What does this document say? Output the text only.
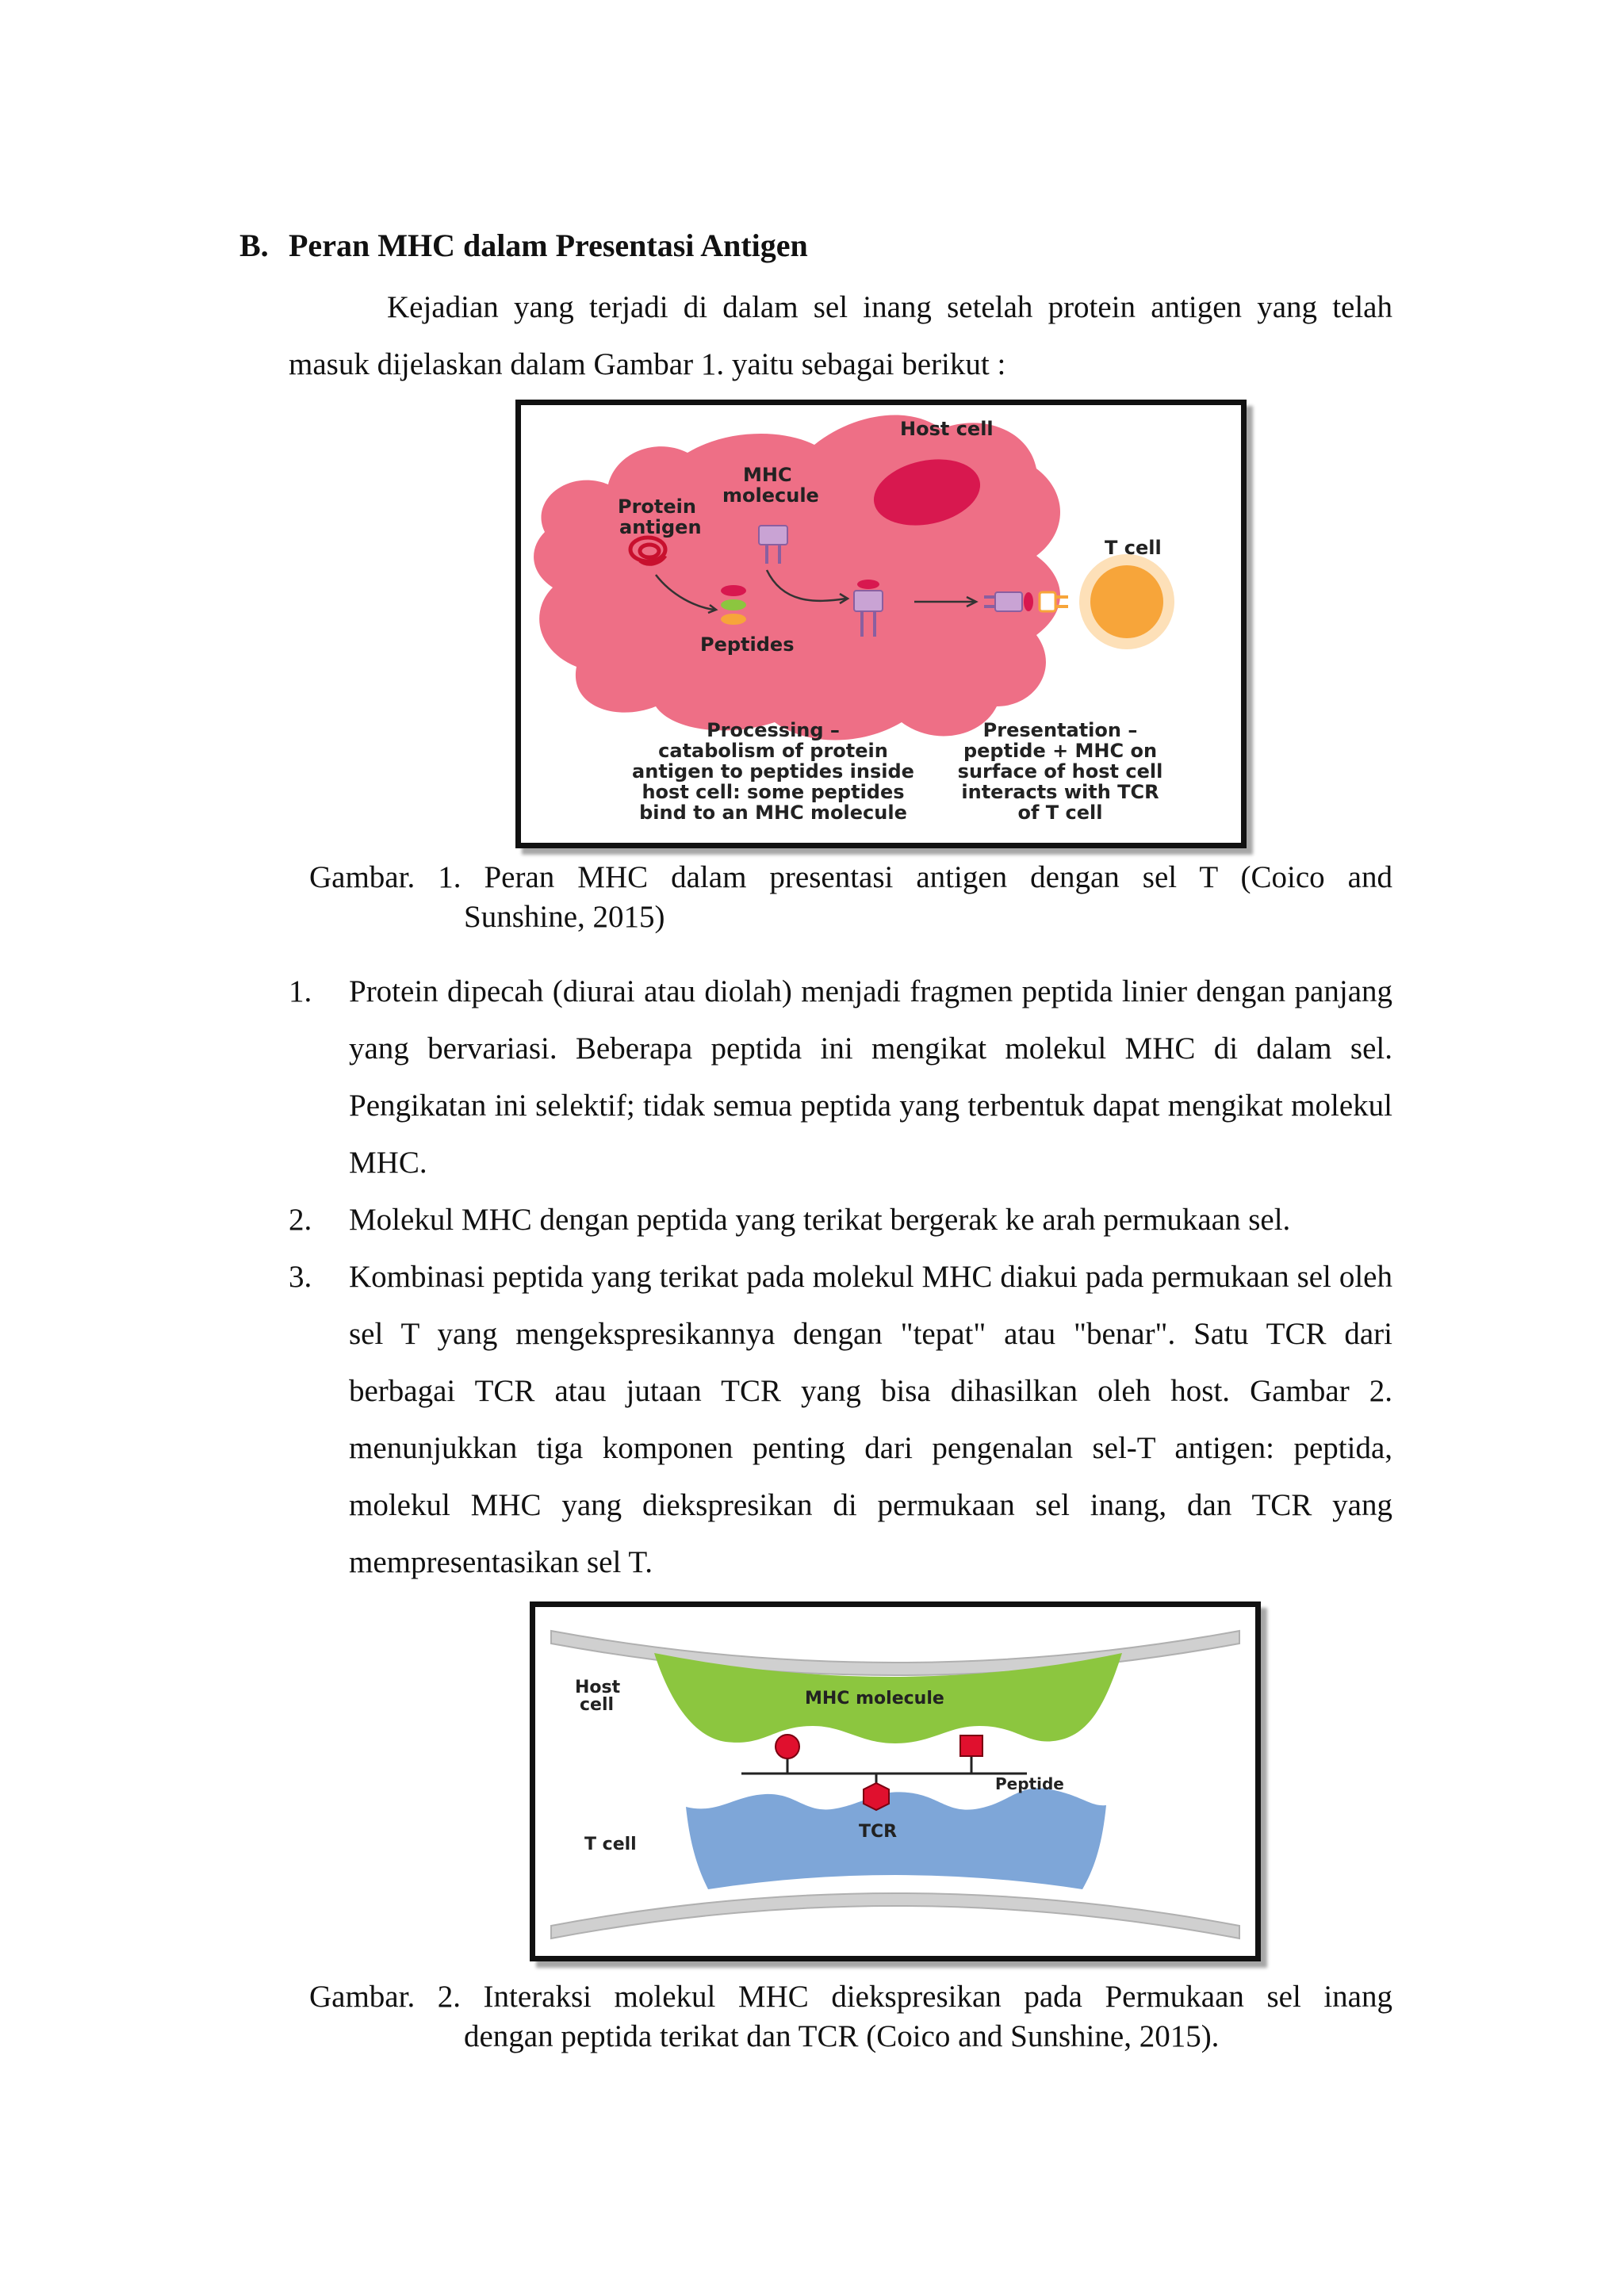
B. Peran MHC dalam Presentasi Antigen
Kejadian yang terjadi di dalam sel inang setelah protein antigen yang telah masuk dijelaskan dalam Gambar 1. yaitu sebagai berikut :
Host cell
MHC
molecule
Protein
antigen
T cell
Peptides
Processing –
catabolism of protein
antigen to peptides inside
host cell: some peptides
bind to an MHC molecule
Presentation –
peptide + MHC on
surface of host cell
interacts with TCR
of T cell
Gambar. 1. Peran MHC dalam presentasi antigen dengan sel T (Coico and
Sunshine, 2015)
1. Protein dipecah (diurai atau diolah) menjadi fragmen peptida linier dengan panjang yang bervariasi. Beberapa peptida ini mengikat molekul MHC di dalam sel. Pengikatan ini selektif; tidak semua peptida yang terbentuk dapat mengikat molekul MHC.
2. Molekul MHC dengan peptida yang terikat bergerak ke arah permukaan sel.
3. Kombinasi peptida yang terikat pada molekul MHC diakui pada permukaan sel oleh sel T yang mengekspresikannya dengan "tepat" atau "benar". Satu TCR dari berbagai TCR atau jutaan TCR yang bisa dihasilkan oleh host. Gambar 2. menunjukkan tiga komponen penting dari pengenalan sel-T antigen: peptida, molekul MHC yang diekspresikan di permukaan sel inang, dan TCR yang mempresentasikan sel T.
Host
cell	MHC molecule
Peptide
T cell
TCR
Gambar. 2. Interaksi molekul MHC diekspresikan pada Permukaan sel inang
dengan peptida terikat dan TCR (Coico and Sunshine, 2015).
